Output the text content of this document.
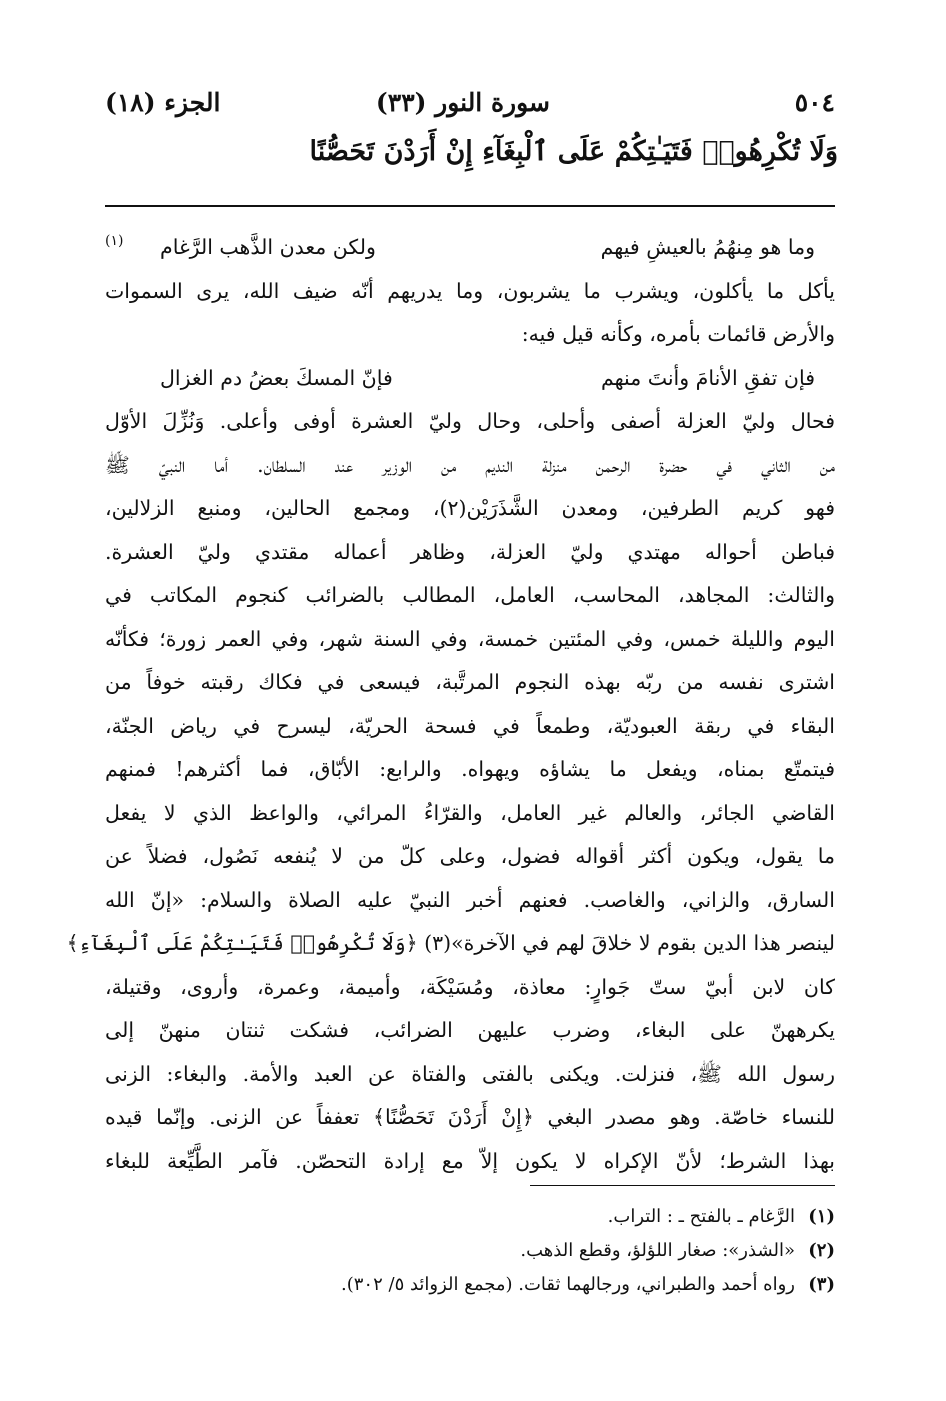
٥٠٤
سورة النور (٣٣)
الجزء (١٨)
وَلَا تُكْرِهُوا۟ فَتَيَـٰتِكُمْ عَلَى ٱلْبِغَآءِ إِنْ أَرَدْنَ تَحَصُّنًا
وما هو مِنهُمُ بالعيشِ فيهم
ولكن معدن الذَّهب الرَّغام
(١)
يأكل ما يأكلون، ويشرب ما يشربون، وما يدريهم أنّه ضيف الله، يرى السموات
والأرض قائمات بأمره، وكأنه قيل فيه:
فإن تفقِ الأنامَ وأنتَ منهم
فإنّ المسكَ بعضُ دم الغزال
فحال وليّ العزلة أصفى وأحلى، وحال وليّ العشرة أوفى وأعلى. وَنُزِّلَ الأوّل
من الثاني في حضرة الرحمن منزلة النديم من الوزير عند السلطان. أما النبيّ ﷺ
فهو كريم الطرفين، ومعدن الشَّذَرَيْن(٢)، ومجمع الحالين، ومنبع الزلالين،
فباطن أحواله مهتدي وليّ العزلة، وظاهر أعماله مقتدي وليّ العشرة.
والثالث: المجاهد، المحاسب، العامل، المطالب بالضرائب كنجوم المكاتب في
اليوم والليلة خمس، وفي المئتين خمسة، وفي السنة شهر، وفي العمر زورة؛ فكأنّه
اشترى نفسه من ربّه بهذه النجوم المرتَّبة، فيسعى في فكاك رقبته خوفاً من
البقاء في ربقة العبوديّة، وطمعاً في فسحة الحريّة، ليسرح في رياض الجنّة،
فيتمتّع بمناه، ويفعل ما يشاؤه ويهواه. والرابع: الأبّاق، فما أكثرهم! فمنهم
القاضي الجائر، والعالم غير العامل، والقرّاءُ المرائي، والواعظ الذي لا يفعل
ما يقول، ويكون أكثر أقواله فضول، وعلى كلّ من لا يُنفعه نَصُول، فضلاً عن
السارق، والزاني، والغاصب. فعنهم أخبر النبيّ عليه الصلاة والسلام: «إنّ الله
لينصر هذا الدين بقوم لا خلاقَ لهم في الآخرة»(٣) ﴿وَلَا تُكْرِهُوا۟ فَتَيَـٰتِكُمْ عَلَى ٱلْبِغَآءِ﴾
كان لابن أبيّ ستّ جَوارٍ: معاذة، ومُسَيْكَة، وأميمة، وعمرة، وأروى، وقتيلة،
يكرههنّ على البغاء، وضرب عليهن الضرائب، فشكت ثنتان منهنّ إلى
رسول الله ﷺ، فنزلت. ويكنى بالفتى والفتاة عن العبد والأمة. والبغاء: الزنى
للنساء خاصّة. وهو مصدر البغي ﴿إِنْ أَرَدْنَ تَحَصُّنًا﴾ تعففاً عن الزنى. وإنّما قيده
بهذا الشرط؛ لأنّ الإكراه لا يكون إلاّ مع إرادة التحصّن. فآمر الطَّيِّعة للبغاء
(١)الرَّغام ـ بالفتح ـ : التراب.
(٢)«الشذر»: صغار اللؤلؤ، وقطع الذهب.
(٣)رواه أحمد والطبراني، ورجالهما ثقات. (مجمع الزوائد ٥/ ٣٠٢).
